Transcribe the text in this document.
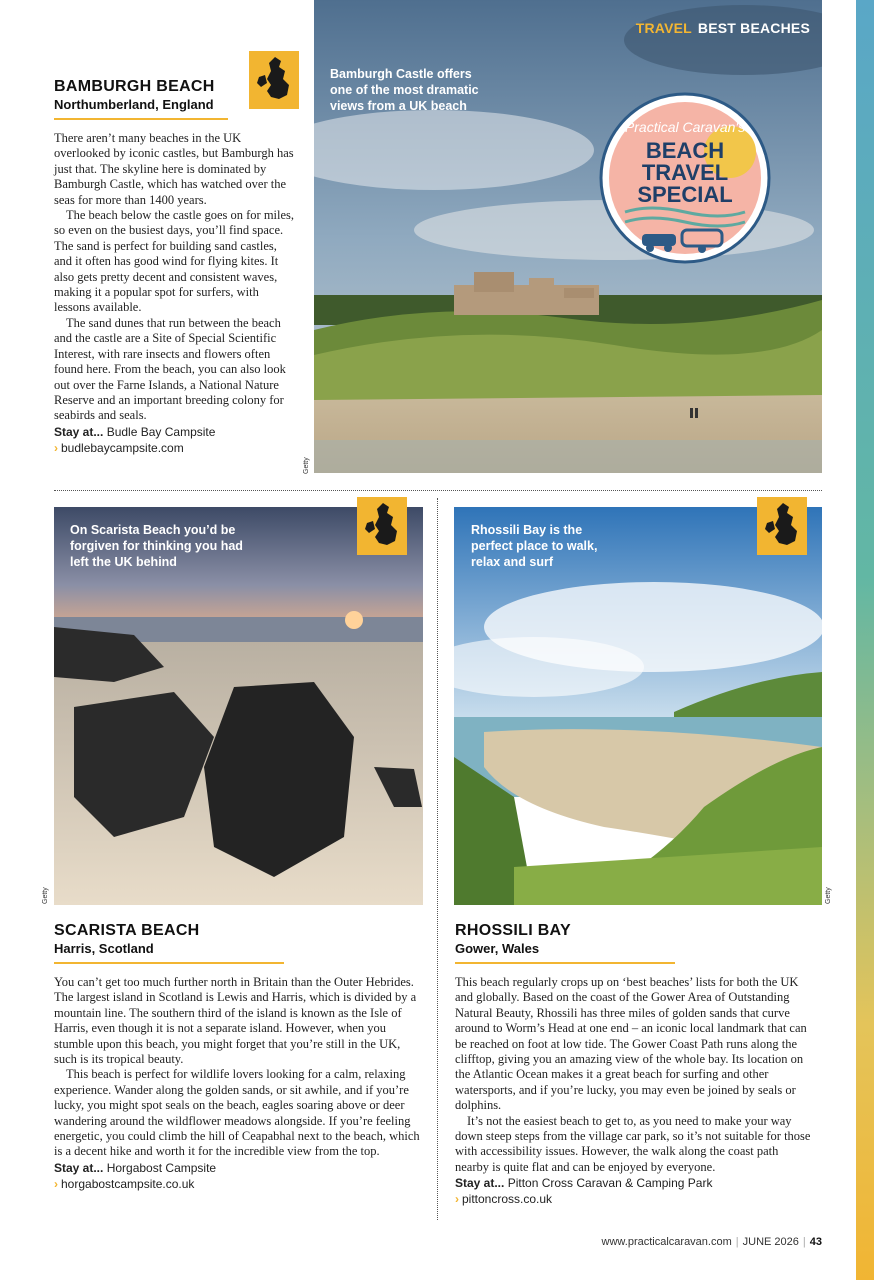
TRAVEL BEST BEACHES
Bamburgh Castle offers one of the most dramatic views from a UK beach
Practical Caravan's
BEACH
TRAVEL
SPECIAL
BAMBURGH BEACH
Northumberland, England

There aren’t many beaches in the UK overlooked by iconic castles, but Bamburgh has just that. The skyline here is dominated by Bamburgh Castle, which has watched over the seas for more than 1400 years.

The beach below the castle goes on for miles, so even on the busiest days, you’ll find space. The sand is perfect for building sand castles, and it often has good wind for flying kites. It also gets pretty decent and consistent waves, making it a popular spot for surfers, with lessons available.

The sand dunes that run between the beach and the castle are a Site of Special Scientific Interest, with rare insects and flowers often found here. From the beach, you can also look out over the Farne Islands, a National Nature Reserve and an important breeding colony for seabirds and seals.

Stay at... Budle Bay Campsite
› budlebaycampsite.com
Getty
On Scarista Beach you’d be forgiven for thinking you had left the UK behind
Getty
SCARISTA BEACH
Harris, Scotland

You can’t get too much further north in Britain than the Outer Hebrides. The largest island in Scotland is Lewis and Harris, which is divided by a mountain line. The southern third of the island is known as the Isle of Harris, even though it is not a separate island. However, when you stumble upon this beach, you might forget that you’re still in the UK, such is its tropical beauty.

This beach is perfect for wildlife lovers looking for a calm, relaxing experience. Wander along the golden sands, or sit awhile, and if you’re lucky, you might spot seals on the beach, eagles soaring above or deer wandering around the wildflower meadows alongside. If you’re feeling energetic, you could climb the hill of Ceapabhal next to the beach, which is a decent hike and worth it for the incredible view from the top.

Stay at... Horgabost Campsite
› horgabostcampsite.co.uk
Rhossili Bay is the perfect place to walk, relax and surf
Getty
RHOSSILI BAY
Gower, Wales

This beach regularly crops up on ‘best beaches’ lists for both the UK and globally. Based on the coast of the Gower Area of Outstanding Natural Beauty, Rhossili has three miles of golden sands that curve around to Worm’s Head at one end – an iconic local landmark that can be reached on foot at low tide. The Gower Coast Path runs along the clifftop, giving you an amazing view of the whole bay. Its location on the Atlantic Ocean makes it a great beach for surfing and other watersports, and if you’re lucky, you may even be joined by seals or dolphins.

It’s not the easiest beach to get to, as you need to make your way down steep steps from the village car park, so it’s not suitable for those with accessibility issues. However, the walk along the coast path nearby is quite flat and can be enjoyed by everyone.

Stay at... Pitton Cross Caravan & Camping Park
› pittoncross.co.uk
www.practicalcaravan.com | JUNE 2026 | 43
